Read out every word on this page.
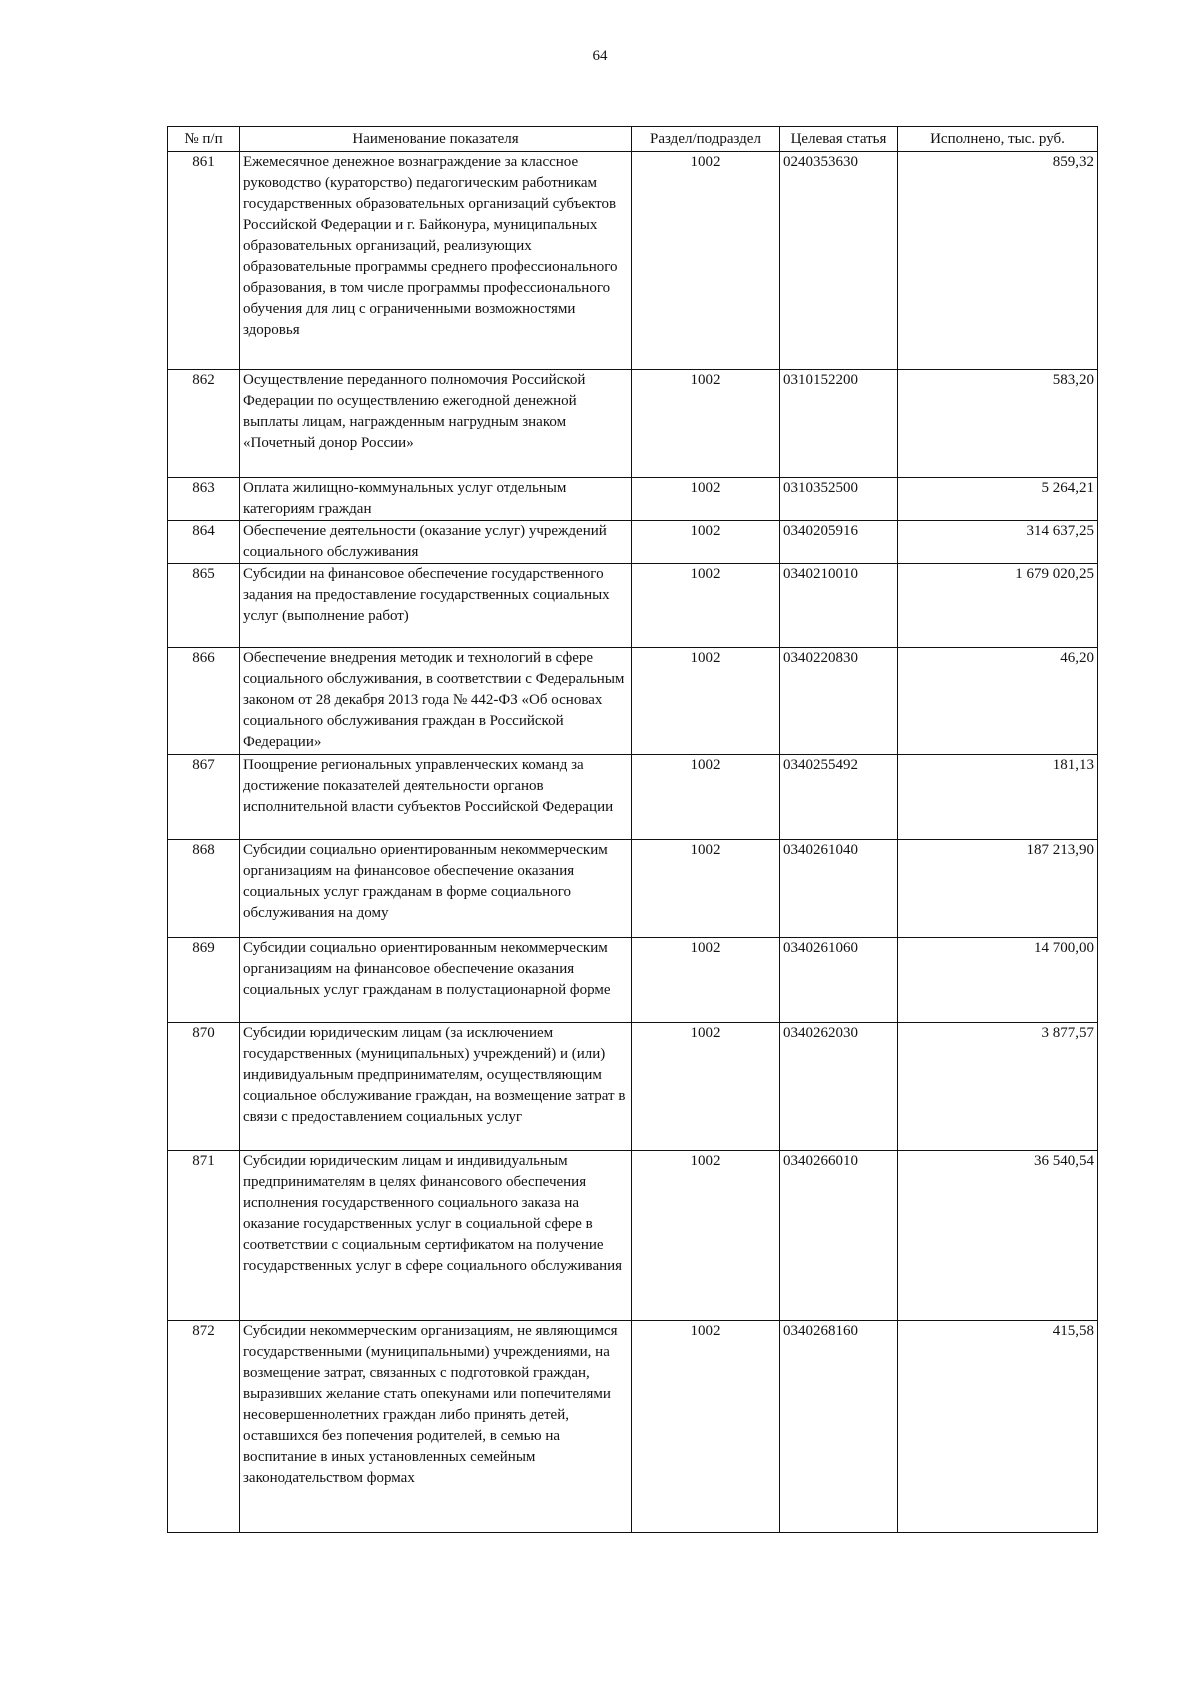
64
№ п/п	Наименование показателя	Раздел/подраздел	Целевая статья	Исполнено, тыс. руб.
861	Ежемесячное денежное вознаграждение за классное руководство (кураторство) педагогическим работникам государственных образовательных организаций субъектов Российской Федерации и г. Байконура, муниципальных образовательных организаций, реализующих образовательные программы среднего профессионального образования, в том числе программы профессионального обучения для лиц с ограниченными возможностями здоровья	1002	0240353630	859,32
862	Осуществление переданного полномочия Российской Федерации по осуществлению ежегодной денежной выплаты лицам, награжденным нагрудным знаком «Почетный донор России»	1002	0310152200	583,20
863	Оплата жилищно-коммунальных услуг отдельным категориям граждан	1002	0310352500	5 264,21
864	Обеспечение деятельности (оказание услуг) учреждений социального обслуживания	1002	0340205916	314 637,25
865	Субсидии на финансовое обеспечение государственного задания на предоставление государственных социальных услуг (выполнение работ)	1002	0340210010	1 679 020,25
866	Обеспечение внедрения методик и технологий в сфере социального обслуживания, в соответствии с Федеральным законом от 28 декабря 2013 года № 442-ФЗ «Об основах социального обслуживания граждан в Российской Федерации»	1002	0340220830	46,20
867	Поощрение региональных управленческих команд за достижение показателей деятельности органов исполнительной власти субъектов Российской Федерации	1002	0340255492	181,13
868	Субсидии социально ориентированным некоммерческим организациям на финансовое обеспечение оказания социальных услуг гражданам в форме социального обслуживания на дому	1002	0340261040	187 213,90
869	Субсидии социально ориентированным некоммерческим организациям на финансовое обеспечение оказания социальных услуг гражданам в полустационарной форме	1002	0340261060	14 700,00
870	Субсидии юридическим лицам (за исключением государственных (муниципальных) учреждений) и (или) индивидуальным предпринимателям, осуществляющим социальное обслуживание граждан, на возмещение затрат в связи с предоставлением социальных услуг	1002	0340262030	3 877,57
871	Субсидии юридическим лицам и индивидуальным предпринимателям в целях финансового обеспечения исполнения государственного социального заказа на оказание государственных услуг в социальной сфере в соответствии с социальным сертификатом на получение государственных услуг в сфере социального обслуживания	1002	0340266010	36 540,54
872	Субсидии некоммерческим организациям, не являющимся государственными (муниципальными) учреждениями, на возмещение затрат, связанных с подготовкой граждан, выразивших желание стать опекунами или попечителями несовершеннолетних граждан либо принять детей, оставшихся без попечения родителей, в семью на воспитание в иных установленных семейным законодательством формах	1002	0340268160	415,58
